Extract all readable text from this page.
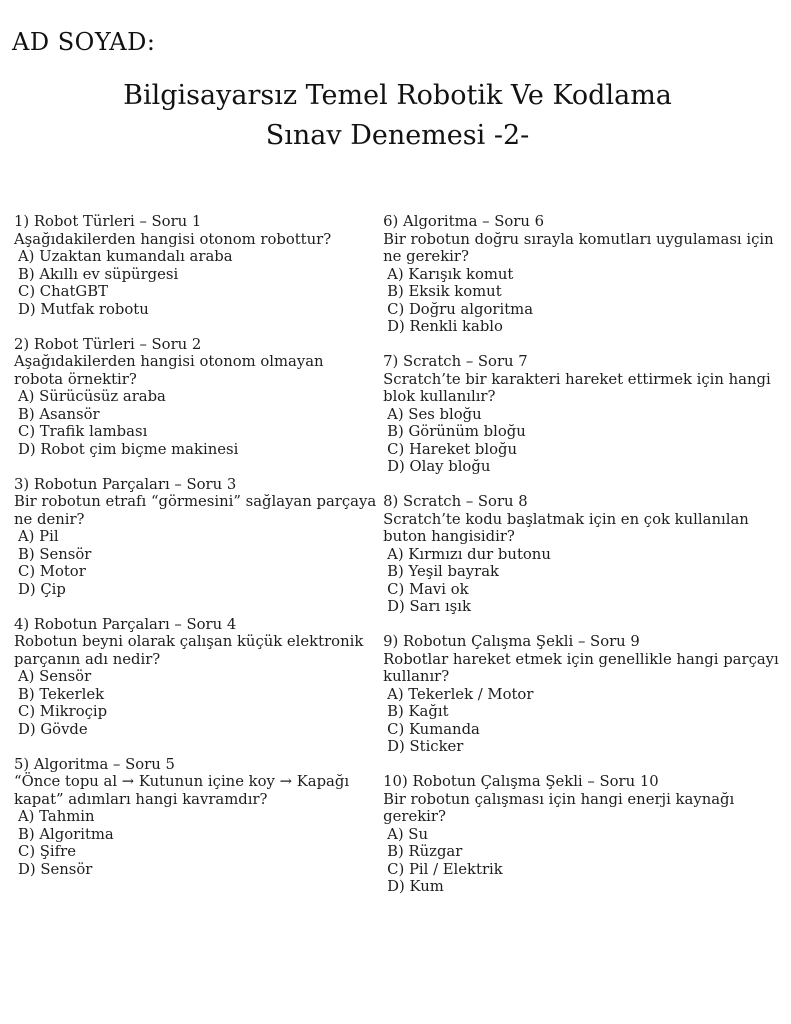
AD SOYAD:
Bilgisayarsız Temel Robotik Ve Kodlama
Sınav Denemesi -2-
1) Robot Türleri – Soru 1
Aşağıdakilerden hangisi otonom robottur?
A) Uzaktan kumandalı araba
B) Akıllı ev süpürgesi
C) ChatGBT
D) Mutfak robotu
2) Robot Türleri – Soru 2
Aşağıdakilerden hangisi otonom olmayan robota örnektir?
A) Sürücüsüz araba
B) Asansör
C) Trafik lambası
D) Robot çim biçme makinesi
3) Robotun Parçaları – Soru 3
Bir robotun etrafı “görmesini” sağlayan parçaya ne denir?
A) Pil
B) Sensör
C) Motor
D) Çip
4) Robotun Parçaları – Soru 4
Robotun beyni olarak çalışan küçük elektronik parçanın adı nedir?
A) Sensör
B) Tekerlek
C) Mikroçip
D) Gövde
5) Algoritma – Soru 5
“Önce topu al → Kutunun içine koy → Kapağı kapat” adımları hangi kavramdır?
A) Tahmin
B) Algoritma
C) Şifre
D) Sensör
6) Algoritma – Soru 6
Bir robotun doğru sırayla komutları uygulaması için ne gerekir?
A) Karışık komut
B) Eksik komut
C) Doğru algoritma
D) Renkli kablo
7) Scratch – Soru 7
Scratch’te bir karakteri hareket ettirmek için hangi blok kullanılır?
A) Ses bloğu
B) Görünüm bloğu
C) Hareket bloğu
D) Olay bloğu
8) Scratch – Soru 8
Scratch’te kodu başlatmak için en çok kullanılan buton hangisidir?
A) Kırmızı dur butonu
B) Yeşil bayrak
C) Mavi ok
D) Sarı ışık
9) Robotun Çalışma Şekli – Soru 9
Robotlar hareket etmek için genellikle hangi parçayı kullanır?
A) Tekerlek / Motor
B) Kağıt
C) Kumanda
D) Sticker
10) Robotun Çalışma Şekli – Soru 10
Bir robotun çalışması için hangi enerji kaynağı gerekir?
A) Su
B) Rüzgar
C) Pil / Elektrik
D) Kum
